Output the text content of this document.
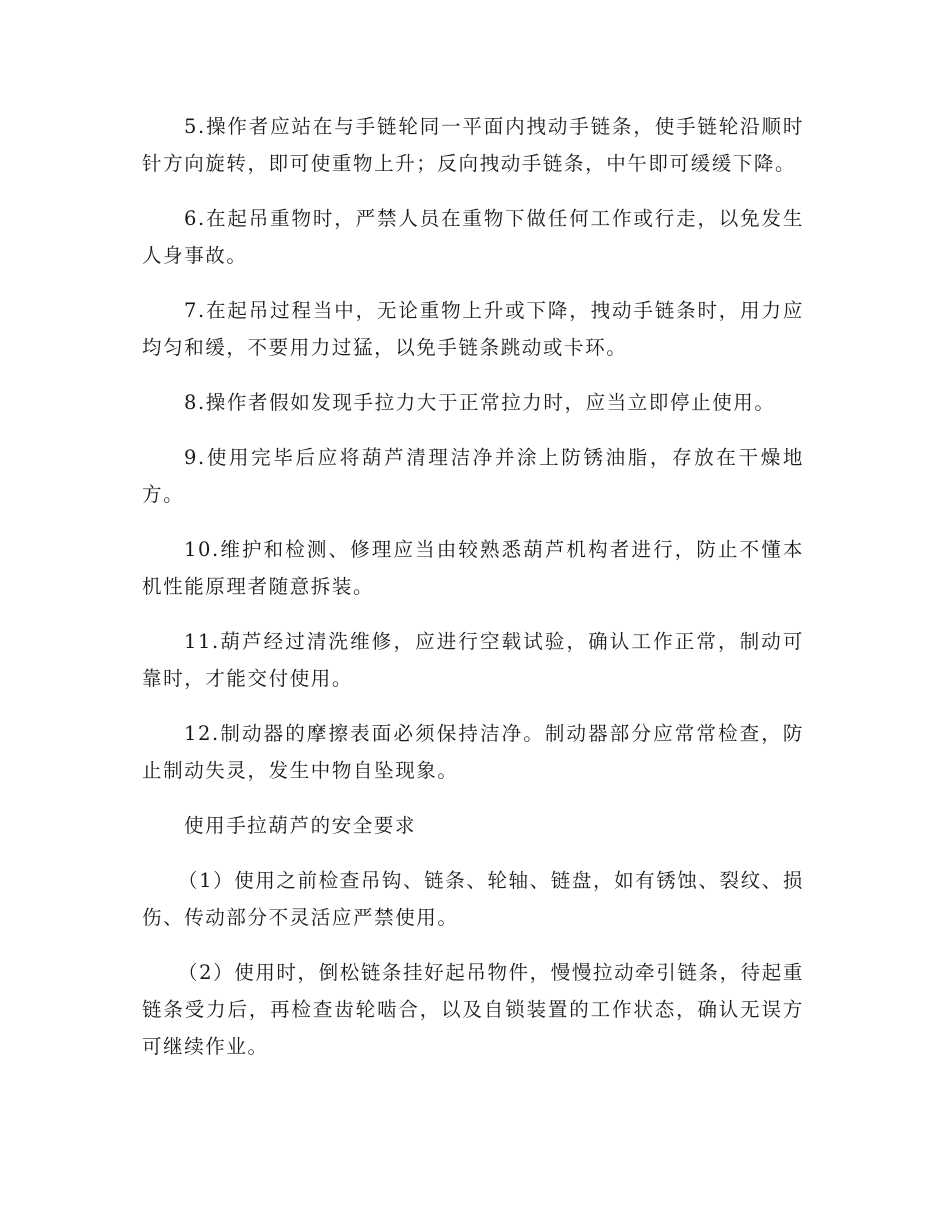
5.操作者应站在与手链轮同一平面内拽动手链条，使手链轮沿顺时针方向旋转，即可使重物上升；反向拽动手链条，中午即可缓缓下降。

6.在起吊重物时，严禁人员在重物下做任何工作或行走，以免发生人身事故。

7.在起吊过程当中，无论重物上升或下降，拽动手链条时，用力应均匀和缓，不要用力过猛，以免手链条跳动或卡环。

8.操作者假如发现手拉力大于正常拉力时，应当立即停止使用。

9.使用完毕后应将葫芦清理洁净并涂上防锈油脂，存放在干燥地方。

10.维护和检测、修理应当由较熟悉葫芦机构者进行，防止不懂本机性能原理者随意拆装。

11.葫芦经过清洗维修，应进行空载试验，确认工作正常，制动可靠时，才能交付使用。

12.制动器的摩擦表面必须保持洁净。制动器部分应常常检查，防止制动失灵，发生中物自坠现象。

使用手拉葫芦的安全要求

（1）使用之前检查吊钩、链条、轮轴、链盘，如有锈蚀、裂纹、损伤、传动部分不灵活应严禁使用。

（2）使用时，倒松链条挂好起吊物件，慢慢拉动牵引链条，待起重链条受力后，再检查齿轮啮合，以及自锁装置的工作状态，确认无误方可继续作业。
